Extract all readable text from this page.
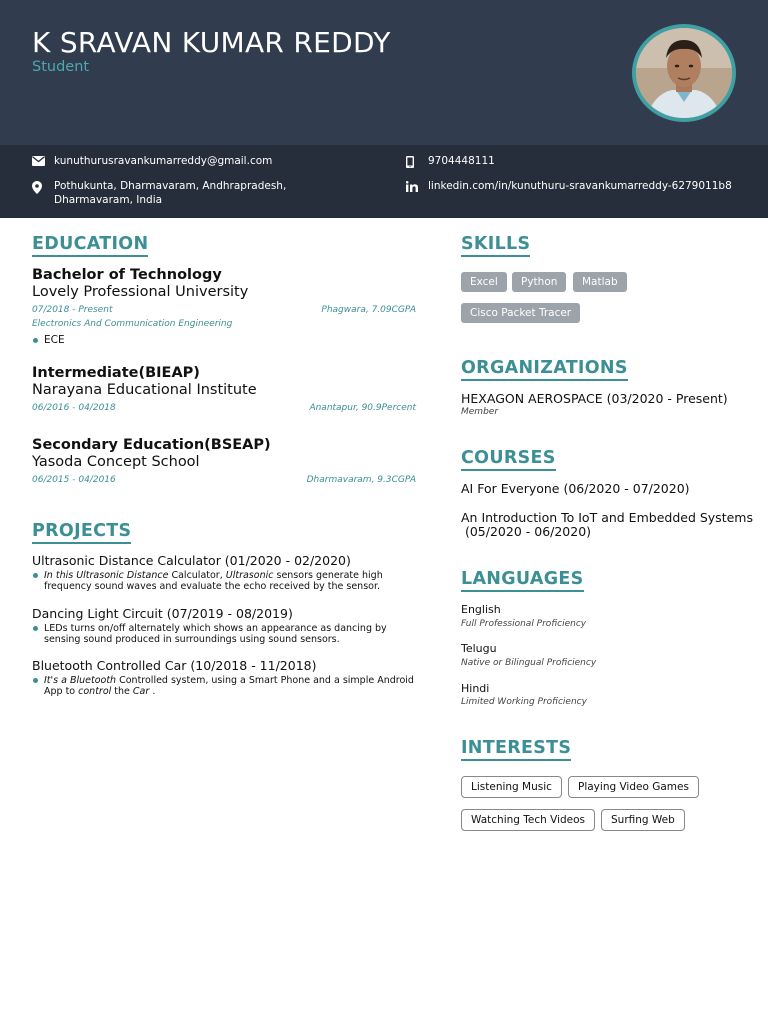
K SRAVAN KUMAR REDDY
Student
kunuthurusravankumarreddy@gmail.com	9704448111
Pothukunta, Dharmavaram, Andhrapradesh,
Dharmavaram, India
linkedin.com/in/kunuthuru-sravankumarreddy-6279011b8
EDUCATION
Bachelor of Technology
Lovely Professional University
07/2018 - Present	Phagwara, 7.09CGPA
Electronics And Communication Engineering
ECE
Intermediate(BIEAP)
Narayana Educational Institute
06/2016 - 04/2018	Anantapur, 90.9Percent
Secondary Education(BSEAP)
Yasoda Concept School
06/2015 - 04/2016	Dharmavaram, 9.3CGPA
PROJECTS
Ultrasonic Distance Calculator (01/2020 - 02/2020)
In this Ultrasonic Distance Calculator, Ultrasonic sensors generate high
frequency sound waves and evaluate the echo received by the sensor.
Dancing Light Circuit (07/2019 - 08/2019)
LEDs turns on/off alternately which shows an appearance as dancing by
sensing sound produced in surroundings using sound sensors.
Bluetooth Controlled Car (10/2018 - 11/2018)
It's a Bluetooth Controlled system, using a Smart Phone and a simple Android
App to control the Car .
SKILLS
Excel	Python	Matlab
Cisco Packet Tracer
ORGANIZATIONS
HEXAGON AEROSPACE (03/2020 - Present)
Member
COURSES
AI For Everyone (06/2020 - 07/2020)
An Introduction To IoT and Embedded Systems
(05/2020 - 06/2020)
LANGUAGES
English
Full Professional Proficiency
Telugu
Native or Bilingual Proficiency
Hindi
Limited Working Proficiency
INTERESTS
Listening Music	Playing Video Games
Watching Tech Videos	Surfing Web
